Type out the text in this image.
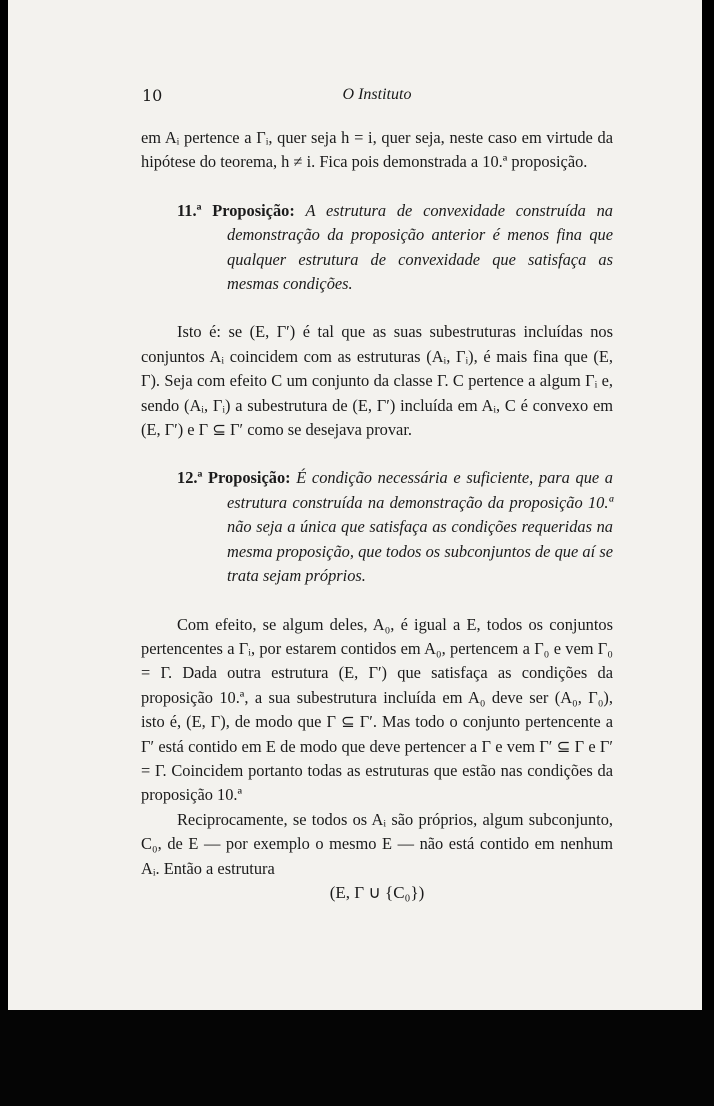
10	O Instituto

em Aᵢ pertence a Γᵢ, quer seja h = i, quer seja, neste caso em virtude da hipótese do teorema, h ≠ i. Fica pois demonstrada a 10.ª proposição.

11.ª Proposição: A estrutura de convexidade construída na demonstração da proposição anterior é menos fina que qualquer estrutura de convexidade que satisfaça as mesmas condições.

Isto é: se (E, Γ′) é tal que as suas subestruturas incluídas nos conjuntos Aᵢ coincidem com as estruturas (Aᵢ, Γᵢ), é mais fina que (E, Γ). Seja com efeito C um conjunto da classe Γ. C pertence a algum Γᵢ e, sendo (Aᵢ, Γᵢ) a subestrutura de (E, Γ′) incluída em Aᵢ, C é convexo em (E, Γ′) e Γ ⊆ Γ′ como se desejava provar.

12.ª Proposição: É condição necessária e suficiente, para que a estrutura construída na demonstração da proposição 10.ª não seja a única que satisfaça as condições requeridas na mesma proposição, que todos os subconjuntos de que aí se trata sejam próprios.

Com efeito, se algum deles, A₀, é igual a E, todos os conjuntos pertencentes a Γᵢ, por estarem contidos em A₀, pertencem a Γ₀ e vem Γ₀ = Γ. Dada outra estrutura (E, Γ′) que satisfaça as condições da proposição 10.ª, a sua subestrutura incluída em A₀ deve ser (A₀, Γ₀), isto é, (E, Γ), de modo que Γ ⊆ Γ′. Mas todo o conjunto pertencente a Γ′ está contido em E de modo que deve pertencer a Γ e vem Γ′ ⊆ Γ e Γ′ = Γ. Coincidem portanto todas as estruturas que estão nas condições da proposição 10.ª

Reciprocamente, se todos os Aᵢ são próprios, algum subconjunto, C₀, de E — por exemplo o mesmo E — não está contido em nenhum Aᵢ. Então a estrutura

(E, Γ ∪ {C₀})
